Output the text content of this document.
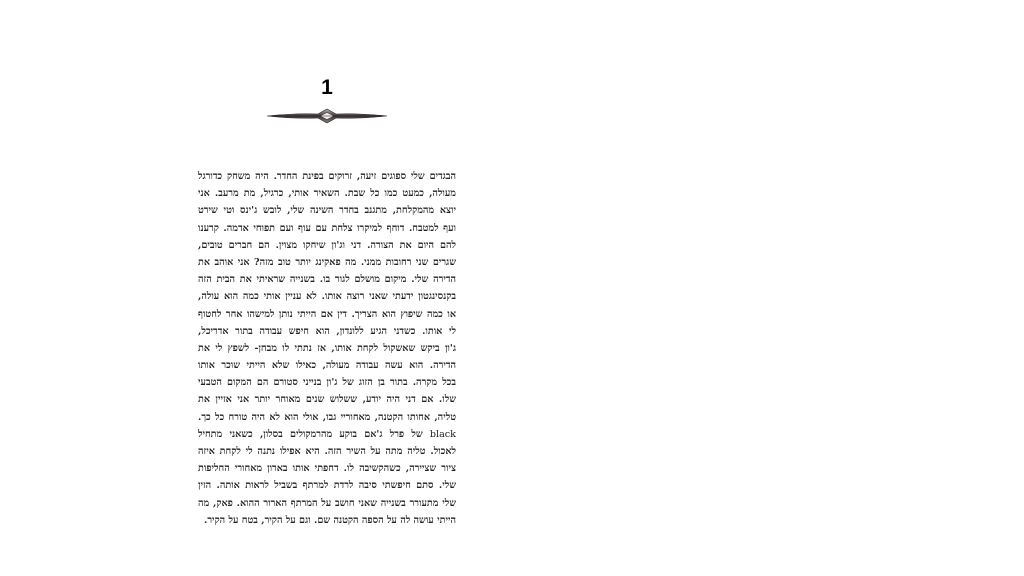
1
הבגדים שלי ספוגים זיעה, זרוקים בפינת החדר. היה משחק כדורגל
מעולה, כמעט כמו כל שבת. השאיר אותי, כרגיל, מת מרעב. אני
יוצא מהמקלחת, מתגנב בחדר השינה שלי, לובש ג'ינס וטי שירט
ועף למטבח. דוחף למיקרו צלחת עם עוף ועם תפוחי אדמה. קרענו
להם היום את הצורה. דני וג'ון שיחקו מצוין. הם חברים טובים,
שגרים שני רחובות ממני. מה פאקינג יותר טוב מזה? אני אוהב את
הדירה שלי. מיקום מושלם לגור בו. בשנייה שראיתי את הבית הזה
בקנסינגטון ידעתי שאני רוצה אותו. לא עניין אותי כמה הוא עולה,
או כמה שיפוץ הוא הצריך. דין אם הייתי נותן למישהו אחר לחטוף
לי אותו. כשדני הגיע ללונדון, הוא חיפש עבודה בתור אדריכל,
ג'ון ביקש שאשקול לקחת אותו, אז נתתי לו מבחן- לשפץ לי את
הדירה. הוא עשה עבודה מעולה, כאילו שלא הייתי שוכר אותו
בכל מקרה. בתור בן הזוג של ג'ון בנייני סטורם הם המקום הטבעי
שלו. אם דני היה יודע, ששלוש שנים מאוחר יותר אני אזיין את
טליה, אחותו הקטנה, מאחוריי גבו, אולי הוא לא היה טורח כל כך.
black של פרל ג'אם בוקע מהרמקולים בסלון, כשאני מתחיל
לאכול. טליה מתה על השיר הזה. היא אפילו נתנה לי לקחת איזה
ציור שציירה, כשהקשיבה לו. דחפתי אותו בארון מאחורי החליפות
שלי. סתם חיפשתי סיבה לרדת למרתף בשביל לראות אותה. הזין
שלי מתעורר בשנייה שאני חושב על המרתף הארור ההוא. פאק, מה
הייתי עושה לה על הספה הקטנה שם. וגם על הקיר, בטח על הקיר.
